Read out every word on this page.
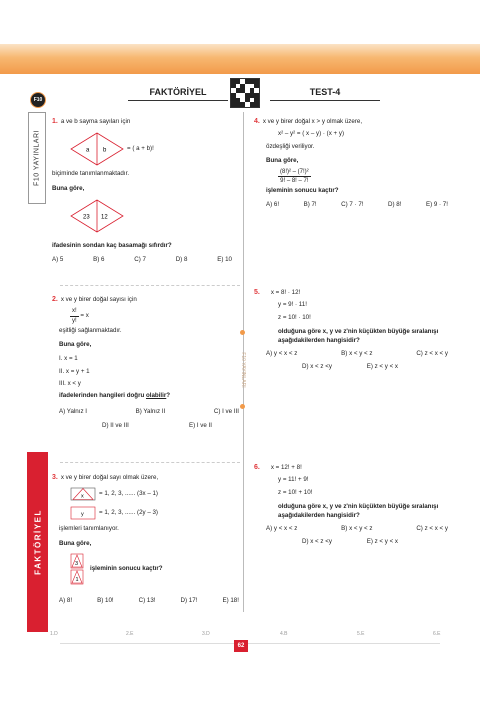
F10
F10 YAYINLARI
FAKTÖRİYEL
FAKTÖRİYEL	TEST-4
F10 YAYINLARI
1. a ve b sayma sayıları için
a b	= ( a + b)!
biçiminde tanımlanmaktadır.
Buna göre,
23 12
ifadesinin sondan kaç basamağı sıfırdır?
A) 5	B) 6	C) 7	D) 8	E) 10
2. x ve y birer doğal sayısı için
$\frac{x!}{y!} = x$
eşitliği sağlanmaktadır.
Buna göre,
I. x = 1
II. x = y + 1
III. x < y
ifadelerinden hangileri doğru olabilir?
A) Yalnız I	B) Yalnız II	C) I ve III
D) II ve III	E) I ve II
3. x ve y birer doğal sayı olmak üzere,
x = 1, 2, 3, ...... (3x – 1)
y = 1, 2, 3, ...... (2y – 3)
işlemleri tanımlanıyor.
Buna göre,
3
1
işleminin sonucu kaçtır?
A) 8!	B) 10!	C) 13!	D) 17!	E) 18!
4. x ve y birer doğal x > y olmak üzere,
x² – y² = ( x – y) · (x + y)
özdeşliği veriliyor.
Buna göre,
$\frac{\text{(8!)² – (7!)²}}{9! - 8! - 7!}$
işleminin sonucu kaçtır?
A) 6!	B) 7!	C) 7 · 7!	D) 8!	E) 9 · 7!
5. x = 8! · 12!
y = 9! · 11!
z = 10! · 10!
olduğuna göre x, y ve z'nin küçükten büyüğe sıralanışı aşağıdakilerden hangisidir?
A) y < x < z	B) x < y < z	C) z < x < y
D) x < z <y	E) z < y < x
6. x = 12! + 8!
y = 11! + 9!
z = 10! + 10!
olduğuna göre x, y ve z'nin küçükten büyüğe sıralanışı aşağıdakilerden hangisidir?
A) y < x < z	B) x < y < z	C) z < x < y
D) x < z <y	E) z < y < x
1.D	2.E	3.D	4.B	5.E	6.E
62
